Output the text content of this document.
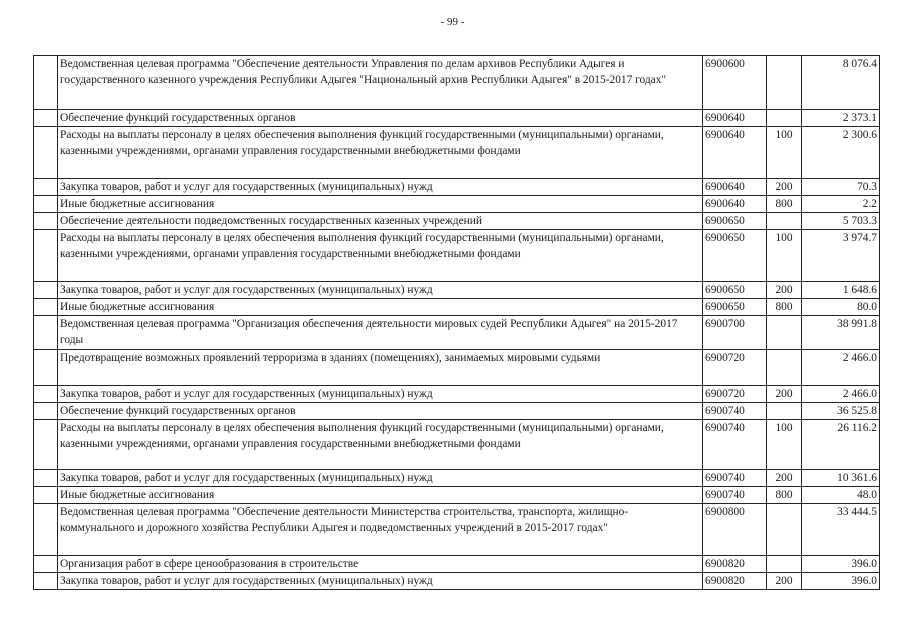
- 99 -
	Ведомственная целевая программа "Обеспечение деятельности Управления по делам архивов Республики Адыгея и государственного казенного учреждения Республики Адыгея "Национальный архив Республики Адыгея" в 2015-2017 годах"	6900600		8 076.4
	Обеспечение функций государственных органов	6900640		2 373.1
	Расходы на выплаты персоналу в целях обеспечения выполнения функций государственными (муниципальными) органами, казенными учреждениями, органами управления государственными внебюджетными фондами	6900640	100	2 300.6
	Закупка товаров, работ и услуг для государственных (муниципальных) нужд	6900640	200	70.3
	Иные бюджетные ассигнования	6900640	800	2.2
	Обеспечение деятельности подведомственных государственных казенных учреждений	6900650		5 703.3
	Расходы на выплаты персоналу в целях обеспечения выполнения функций государственными (муниципальными) органами, казенными учреждениями, органами управления государственными внебюджетными фондами	6900650	100	3 974.7
	Закупка товаров, работ и услуг для государственных (муниципальных) нужд	6900650	200	1 648.6
	Иные бюджетные ассигнования	6900650	800	80.0
	Ведомственная целевая программа "Организация обеспечения деятельности мировых судей Республики Адыгея" на 2015-2017 годы	6900700		38 991.8
	Предотвращение возможных проявлений терроризма в зданиях (помещениях), занимаемых мировыми судьями	6900720		2 466.0
	Закупка товаров, работ и услуг для государственных (муниципальных) нужд	6900720	200	2 466.0
	Обеспечение функций государственных органов	6900740		36 525.8
	Расходы на выплаты персоналу в целях обеспечения выполнения функций государственными (муниципальными) органами, казенными учреждениями, органами управления государственными внебюджетными фондами	6900740	100	26 116.2
	Закупка товаров, работ и услуг для государственных (муниципальных) нужд	6900740	200	10 361.6
	Иные бюджетные ассигнования	6900740	800	48.0
	Ведомственная целевая программа "Обеспечение деятельности Министерства строительства, транспорта, жилищно-коммунального и дорожного хозяйства Республики Адыгея и подведомственных учреждений в 2015-2017 годах"	6900800		33 444.5
	Организация работ в сфере ценообразования в строительстве	6900820		396.0
	Закупка товаров, работ и услуг для государственных (муниципальных) нужд	6900820	200	396.0
